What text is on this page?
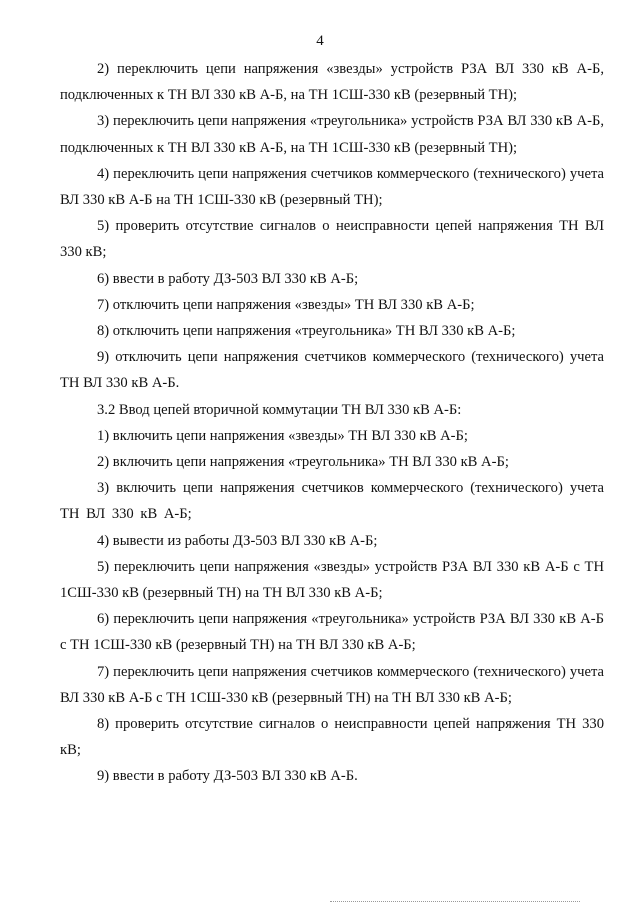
4

2) переключить цепи напряжения «звезды» устройств РЗА ВЛ 330 кВ А-Б, подключенных к ТН ВЛ 330 кВ А-Б, на ТН 1СШ-330 кВ (резервный ТН);

3) переключить цепи напряжения «треугольника» устройств РЗА ВЛ 330 кВ А-Б, подключенных к ТН ВЛ 330 кВ А-Б, на ТН 1СШ-330 кВ (резервный ТН);

4) переключить цепи напряжения счетчиков коммерческого (технического) учета ВЛ 330 кВ А-Б на ТН 1СШ-330 кВ (резервный ТН);

5) проверить отсутствие сигналов о неисправности цепей напряжения ТН ВЛ 330 кВ;

6) ввести в работу ДЗ-503 ВЛ 330 кВ А-Б;

7) отключить цепи напряжения «звезды» ТН ВЛ 330 кВ А-Б;

8) отключить цепи напряжения «треугольника» ТН ВЛ 330 кВ А-Б;

9) отключить цепи напряжения счетчиков коммерческого (технического) учета ТН ВЛ 330 кВ А-Б.

3.2 Ввод цепей вторичной коммутации ТН ВЛ 330 кВ А-Б:

1) включить цепи напряжения «звезды» ТН ВЛ 330 кВ А-Б;

2) включить цепи напряжения «треугольника» ТН ВЛ 330 кВ А-Б;

3) включить цепи напряжения счетчиков коммерческого (технического) учета ТН ВЛ 330 кВ А-Б;

4) вывести из работы ДЗ-503 ВЛ 330 кВ А-Б;

5) переключить цепи напряжения «звезды» устройств РЗА ВЛ 330 кВ А-Б с ТН 1СШ-330 кВ (резервный ТН) на ТН ВЛ 330 кВ А-Б;

6) переключить цепи напряжения «треугольника» устройств РЗА ВЛ 330 кВ А-Б с ТН 1СШ-330 кВ (резервный ТН) на ТН ВЛ 330 кВ А-Б;

7) переключить цепи напряжения счетчиков коммерческого (технического) учета ВЛ 330 кВ А-Б с ТН 1СШ-330 кВ (резервный ТН) на ТН ВЛ 330 кВ А-Б;

8) проверить отсутствие сигналов о неисправности цепей напряжения ТН 330 кВ;

9) ввести в работу ДЗ-503 ВЛ 330 кВ А-Б.
